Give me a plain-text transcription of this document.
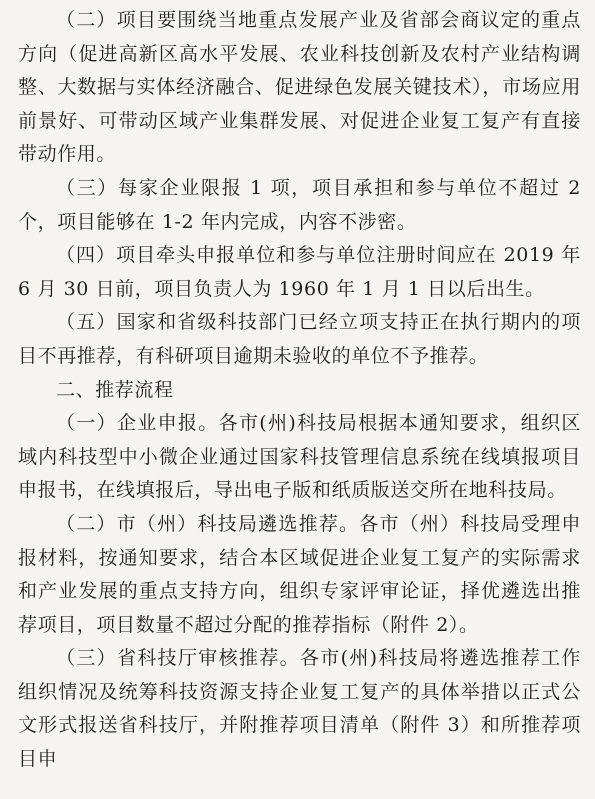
（二）项目要围绕当地重点发展产业及省部会商议定的重点方向（促进高新区高水平发展、农业科技创新及农村产业结构调整、大数据与实体经济融合、促进绿色发展关键技术），市场应用前景好、可带动区域产业集群发展、对促进企业复工复产有直接带动作用。

（三）每家企业限报 1 项，项目承担和参与单位不超过 2 个，项目能够在 1-2 年内完成，内容不涉密。

（四）项目牵头申报单位和参与单位注册时间应在 2019 年 6 月 30 日前，项目负责人为 1960 年 1 月 1 日以后出生。

（五）国家和省级科技部门已经立项支持正在执行期内的项目不再推荐，有科研项目逾期未验收的单位不予推荐。

二、推荐流程

（一）企业申报。各市(州)科技局根据本通知要求，组织区域内科技型中小微企业通过国家科技管理信息系统在线填报项目申报书，在线填报后，导出电子版和纸质版送交所在地科技局。

（二）市（州）科技局遴选推荐。各市（州）科技局受理申报材料，按通知要求，结合本区域促进企业复工复产的实际需求和产业发展的重点支持方向，组织专家评审论证，择优遴选出推荐项目，项目数量不超过分配的推荐指标（附件 2）。

（三）省科技厅审核推荐。各市(州)科技局将遴选推荐工作组织情况及统筹科技资源支持企业复工复产的具体举措以正式公文形式报送省科技厅，并附推荐项目清单（附件 3）和所推荐项目申
